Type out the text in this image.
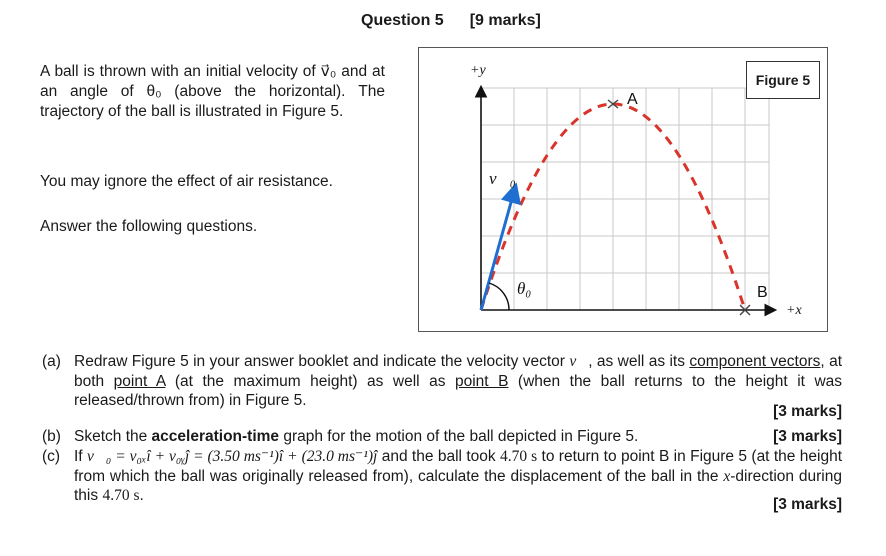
Question 5 [9 marks]
A ball is thrown with an initial velocity of v⃗₀ and at an angle of θ₀ (above the horizontal). The trajectory of the ball is illustrated in Figure 5.
You may ignore the effect of air resistance.
Answer the following questions.
+y
+x
A
B
v⃗₀
θ₀
Figure 5
(a) Redraw Figure 5 in your answer booklet and indicate the velocity vector v⃗, as well as its component vectors, at both point A (at the maximum height) as well as point B (when the ball returns to the height it was released/thrown from) in Figure 5.
[3 marks]
(b) Sketch the acceleration-time graph for the motion of the ball depicted in Figure 5.	[3 marks]
(c) If v⃗₀ = v₀ₓî + v₀ᵧĵ = (3.50 ms⁻¹)î + (23.0 ms⁻¹)ĵ and the ball took 4.70 s to return to point B in Figure 5 (at the height from which the ball was originally released from), calculate the displacement of the ball in the x-direction during this 4.70 s.
[3 marks]
